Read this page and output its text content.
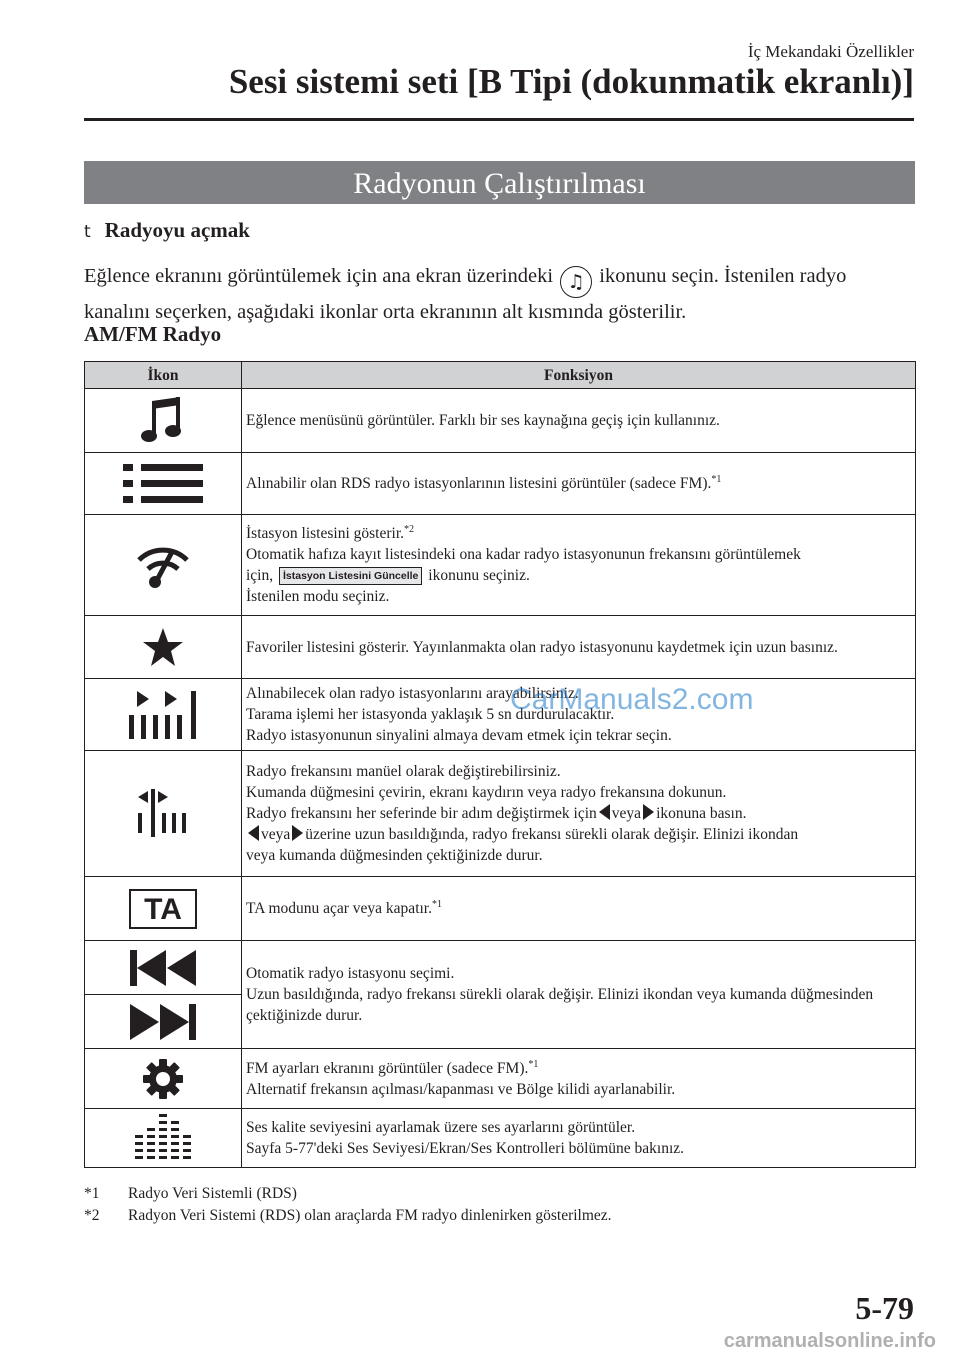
İç Mekandaki Özellikler
Sesi sistemi seti [B Tipi (dokunmatik ekranlı)]
Radyonun Çalıştırılması
t Radyoyu açmak
Eğlence ekranını görüntülemek için ana ekran üzerindeki ♫ ikonunu seçin. İstenilen radyo kanalını seçerken, aşağıdaki ikonlar orta ekranının alt kısmında gösterilir.
AM/FM Radyo
İkon	Fonksiyon

Eğlence menüsünü görüntüler. Farklı bir ses kaynağına geçiş için kullanınız.

Alınabilir olan RDS radyo istasyonlarının listesini görüntüler (sadece FM).$^{*1}$

İstasyon listesini gösterir.$^{*2}$
Otomatik hafıza kayıt listesindeki ona kadar radyo istasyonunun frekansını görüntülemek
için, İstasyon Listesini Güncelle ikonunu seçiniz.
İstenilen modu seçiniz.

Favoriler listesini gösterir. Yayınlanmakta olan radyo istasyonunu kaydetmek için uzun basınız.

Alınabilecek olan radyo istasyonlarını arayabilirsiniz.
Tarama işlemi her istasyonda yaklaşık 5 sn durdurulacaktır.
Radyo istasyonunun sinyalini almaya devam etmek için tekrar seçin.

Radyo frekansını manüel olarak değiştirebilirsiniz.
Kumanda düğmesini çevirin, ekranı kaydırın veya radyo frekansına dokunun.
Radyo frekansını her seferinde bir adım değiştirmek için veya ikonuna basın.
veya üzerine uzun basıldığında, radyo frekansı sürekli olarak değişir. Elinizi ikondan
veya kumanda düğmesinden çektiğinizde durur.

TA	TA modunu açar veya kapatır.$^{*1}$

Otomatik radyo istasyonu seçimi.
Uzun basıldığında, radyo frekansı sürekli olarak değişir. Elinizi ikondan veya kumanda düğmesinden çektiğinizde durur.

FM ayarları ekranını görüntüler (sadece FM).$^{*1}$
Alternatif frekansın açılması/kapanması ve Bölge kilidi ayarlanabilir.

Ses kalite seviyesini ayarlamak üzere ses ayarlarını görüntüler.
Sayfa 5-77'deki Ses Seviyesi/Ekran/Ses Kontrolleri bölümüne bakınız.
*1 Radyo Veri Sistemli (RDS)
*2 Radyon Veri Sistemi (RDS) olan araçlarda FM radyo dinlenirken gösterilmez.
CarManuals2.com
5-79
carmanualsonline.info
